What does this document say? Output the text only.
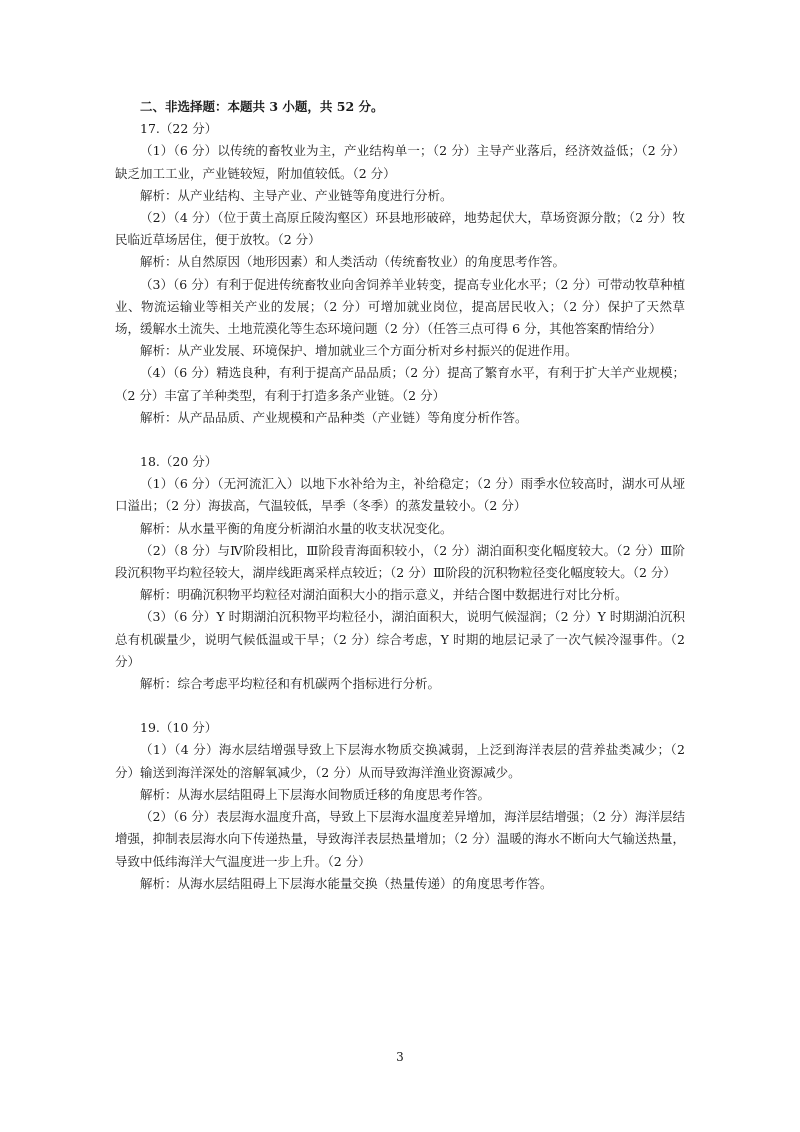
二、非选择题：本题共 3 小题，共 52 分。

17.（22 分）

（1）（6 分）以传统的畜牧业为主，产业结构单一；（2 分）主导产业落后，经济效益低；（2 分）缺乏加工工业，产业链较短，附加值较低。（2 分）

解析：从产业结构、主导产业、产业链等角度进行分析。

（2）（4 分）（位于黄土高原丘陵沟壑区）环县地形破碎，地势起伏大，草场资源分散；（2 分）牧民临近草场居住，便于放牧。（2 分）

解析：从自然原因（地形因素）和人类活动（传统畜牧业）的角度思考作答。

（3）（6 分）有利于促进传统畜牧业向舍饲养羊业转变，提高专业化水平；（2 分）可带动牧草种植业、物流运输业等相关产业的发展；（2 分）可增加就业岗位，提高居民收入；（2 分）保护了天然草场，缓解水土流失、土地荒漠化等生态环境问题（2 分）（任答三点可得 6 分，其他答案酌情给分）

解析：从产业发展、环境保护、增加就业三个方面分析对乡村振兴的促进作用。

（4）（6 分）精选良种，有利于提高产品品质；（2 分）提高了繁育水平，有利于扩大羊产业规模；（2 分）丰富了羊种类型，有利于打造多条产业链。（2 分）

解析：从产品品质、产业规模和产品种类（产业链）等角度分析作答。

18.（20 分）

（1）（6 分）（无河流汇入）以地下水补给为主，补给稳定；（2 分）雨季水位较高时，湖水可从垭口溢出；（2 分）海拔高，气温较低，旱季（冬季）的蒸发量较小。（2 分）

解析：从水量平衡的角度分析湖泊水量的收支状况变化。

（2）（8 分）与Ⅳ阶段相比，Ⅲ阶段青海面积较小，（2 分）湖泊面积变化幅度较大。（2 分）Ⅲ阶段沉积物平均粒径较大，湖岸线距离采样点较近；（2 分）Ⅲ阶段的沉积物粒径变化幅度较大。（2 分）

解析：明确沉积物平均粒径对湖泊面积大小的指示意义，并结合图中数据进行对比分析。

（3）（6 分）Y 时期湖泊沉积物平均粒径小，湖泊面积大，说明气候湿润；（2 分）Y 时期湖泊沉积总有机碳量少，说明气候低温或干旱；（2 分）综合考虑，Y 时期的地层记录了一次气候冷湿事件。（2 分）

解析：综合考虑平均粒径和有机碳两个指标进行分析。

19.（10 分）

（1）（4 分）海水层结增强导致上下层海水物质交换减弱，上泛到海洋表层的营养盐类减少；（2 分）输送到海洋深处的溶解氧减少，（2 分）从而导致海洋渔业资源减少。

解析：从海水层结阻碍上下层海水间物质迁移的角度思考作答。

（2）（6 分）表层海水温度升高，导致上下层海水温度差异增加，海洋层结增强；（2 分）海洋层结增强，抑制表层海水向下传递热量，导致海洋表层热量增加；（2 分）温暖的海水不断向大气输送热量，导致中低纬海洋大气温度进一步上升。（2 分）

解析：从海水层结阻碍上下层海水能量交换（热量传递）的角度思考作答。

3
